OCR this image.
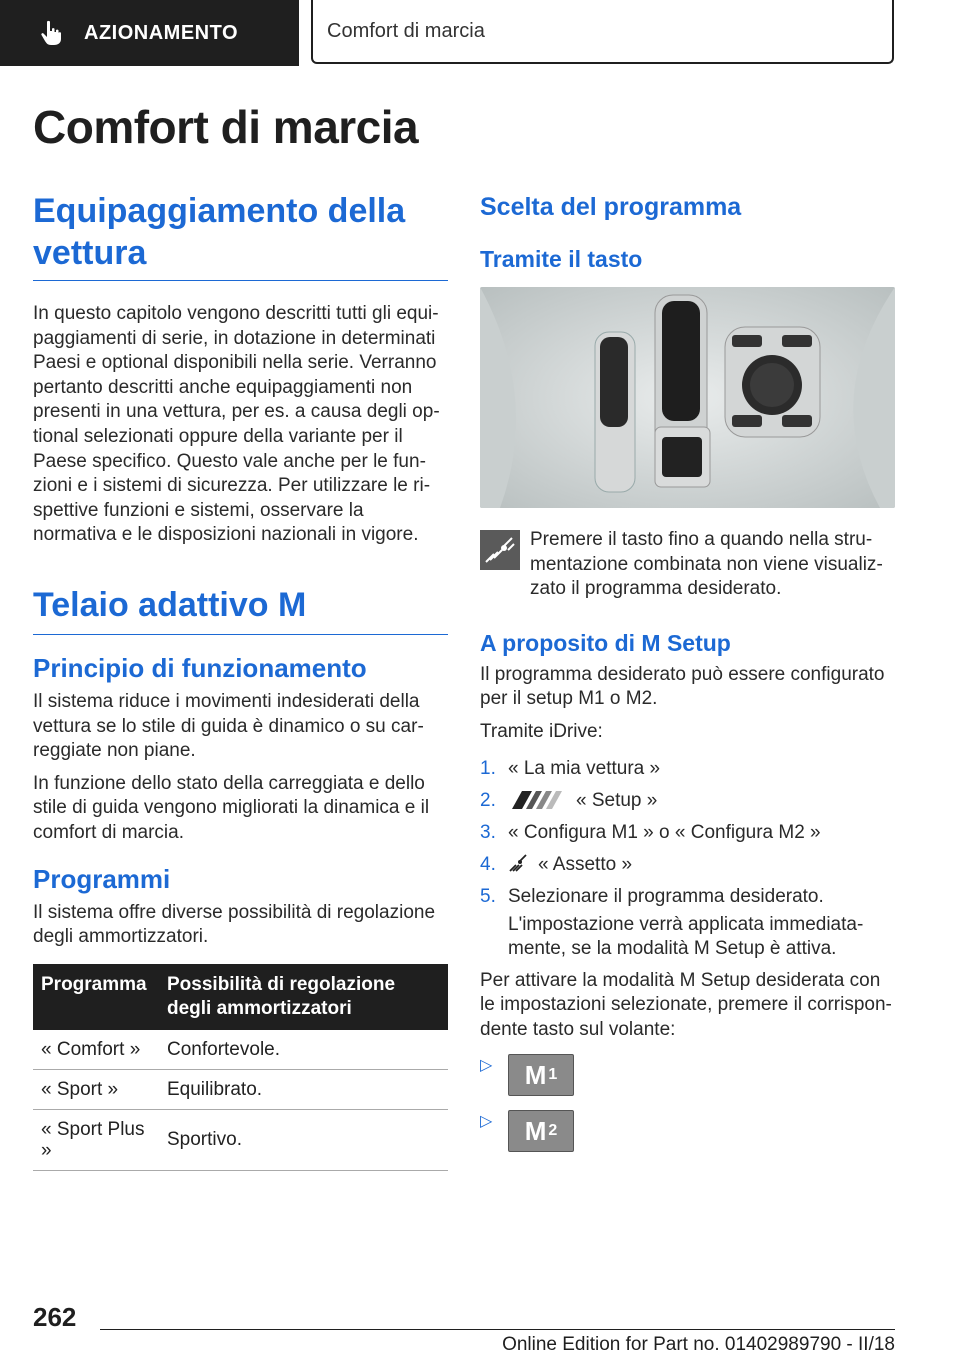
AZIONAMENTO	Comfort di marcia
Comfort di marcia
Equipaggiamento della vettura

In questo capitolo vengono descritti tutti gli equipaggiamenti di serie, in dotazione in determinati Paesi e optional disponibili nella serie. Verranno pertanto descritti anche equipaggiamenti non presenti in una vettura, per es. a causa degli optional selezionati oppure della variante per il Paese specifico. Questo vale anche per le funzioni e i sistemi di sicurezza. Per utilizzare le rispettive funzioni e sistemi, osservare la normativa e le disposizioni nazionali in vigore.

Telaio adattivo M
Principio di funzionamento

Il sistema riduce i movimenti indesiderati della vettura se lo stile di guida è dinamico o su carreggiate non piane.

In funzione dello stato della carreggiata e dello stile di guida vengono migliorati la dinamica e il comfort di marcia.

Programmi

Il sistema offre diverse possibilità di regolazione degli ammortizzatori.

Programma	Possibilità di regolazione degli ammortizzatori
« Comfort »	Confortevole.
« Sport »	Equilibrato.
« Sport Plus »	Sportivo.
Scelta del programma
Tramite il tasto

Premere il tasto fino a quando nella strumentazione combinata non viene visualizzato il programma desiderato.

A proposito di M Setup

Il programma desiderato può essere configurato per il setup M1 o M2.

Tramite iDrive:

1. « La mia vettura »
2.	« Setup »
3. « Configura M1 » o « Configura M2 »
4.	« Assetto »
5. Selezionare il programma desiderato.
L'impostazione verrà applicata immediatamente, se la modalità M Setup è attiva.

Per attivare la modalità M Setup desiderata con le impostazioni selezionate, premere il corrispondente tasto sul volante:

▷	M 1
▷	M 2
262
Online Edition for Part no. 01402989790 - II/18
